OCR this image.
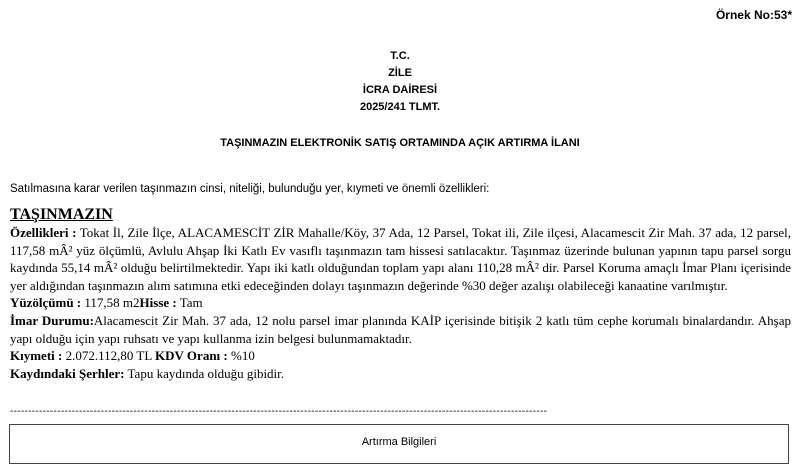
Örnek No:53*
T.C.
ZİLE
İCRA DAİRESİ
2025/241 TLMT.
TAŞINMAZIN ELEKTRONİK SATIŞ ORTAMINDA AÇIK ARTIRMA İLANI
Satılmasına karar verilen taşınmazın cinsi, niteliği, bulunduğu yer, kıymeti ve önemli özellikleri:
TAŞINMAZIN

Özellikleri : Tokat İl, Zile İlçe, ALACAMESCİT ZİR Mahalle/Köy, 37 Ada, 12 Parsel, Tokat ili, Zile ilçesi, Alacamescit Zir Mah. 37 ada, 12 parsel, 117,58 mÂ² yüz ölçümlü, Avlulu Ahşap İki Katlı Ev vasıflı taşınmazın tam hissesi satılacaktır. Taşınmaz üzerinde bulunan yapının tapu parsel sorgu kaydında 55,14 mÂ² olduğu belirtilmektedir. Yapı iki katlı olduğundan toplam yapı alanı 110,28 mÂ² dir. Parsel Koruma amaçlı İmar Planı içerisinde yer aldığından taşınmazın alım satımına etki edeceğinden dolayı taşınmazın değerinde %30 değer azalışı olabileceği kanaatine varılmıştır.

Yüzölçümü : 117,58 m2Hisse : Tam

İmar Durumu:Alacamescit Zir Mah. 37 ada, 12 nolu parsel imar planında KAİP içerisinde bitişik 2 katlı tüm cephe korumalı binalardandır. Ahşap yapı olduğu için yapı ruhsatı ve yapı kullanma izin belgesi bulunmamaktadır.

Kıymeti : 2.072.112,80 TL KDV Oranı : %10

Kaydındaki Şerhler: Tapu kaydında olduğu gibidir.

----------------------------------------------------------------------------------------------------------------------------------------------------
Artırma Bilgileri
